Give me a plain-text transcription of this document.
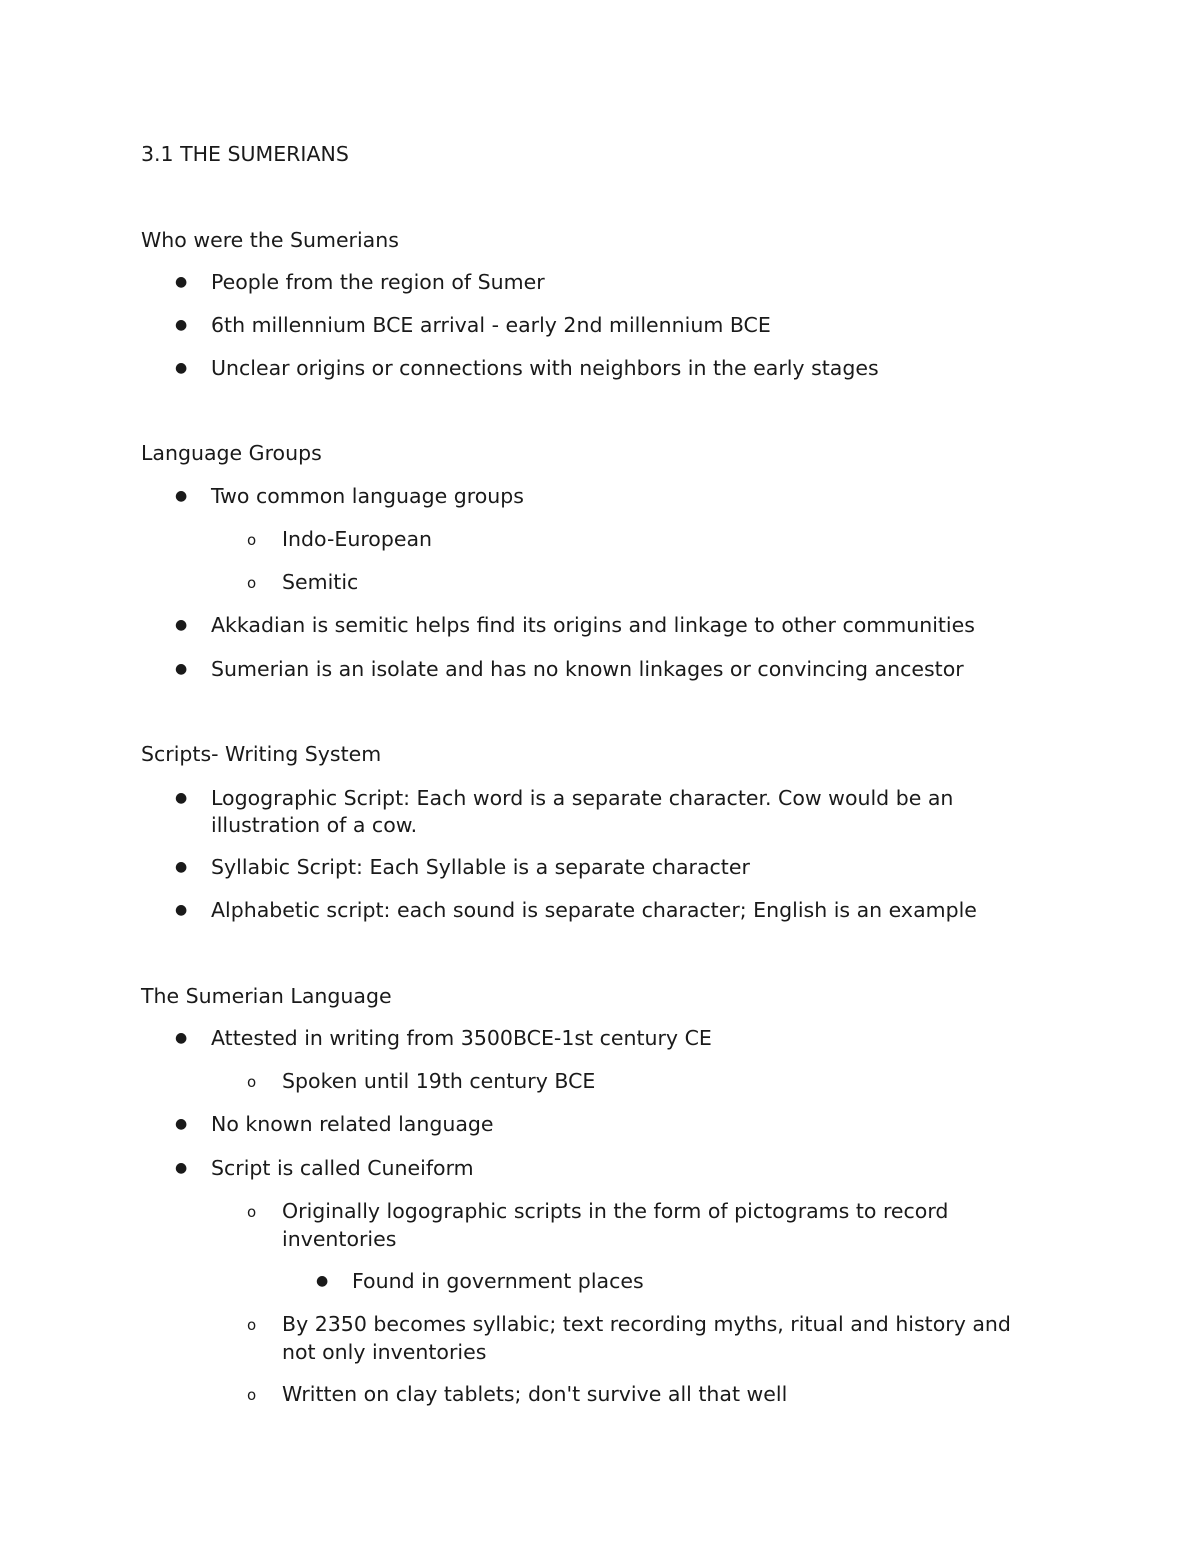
3.1 THE SUMERIANS
Who were the Sumerians
● People from the region of Sumer
● 6th millennium BCE arrival - early 2nd millennium BCE
● Unclear origins or connections with neighbors in the early stages
Language Groups
● Two common language groups
o Indo-European
o Semitic
● Akkadian is semitic helps find its origins and linkage to other communities
● Sumerian is an isolate and has no known linkages or convincing ancestor
Scripts- Writing System
● Logographic Script: Each word is a separate character. Cow would be an
illustration of a cow.
● Syllabic Script: Each Syllable is a separate character
● Alphabetic script: each sound is separate character; English is an example
The Sumerian Language
● Attested in writing from 3500BCE-1st century CE
o Spoken until 19th century BCE
● No known related language
● Script is called Cuneiform
o Originally logographic scripts in the form of pictograms to record
inventories
● Found in government places
o By 2350 becomes syllabic; text recording myths, ritual and history and
not only inventories
o Written on clay tablets; don't survive all that well
